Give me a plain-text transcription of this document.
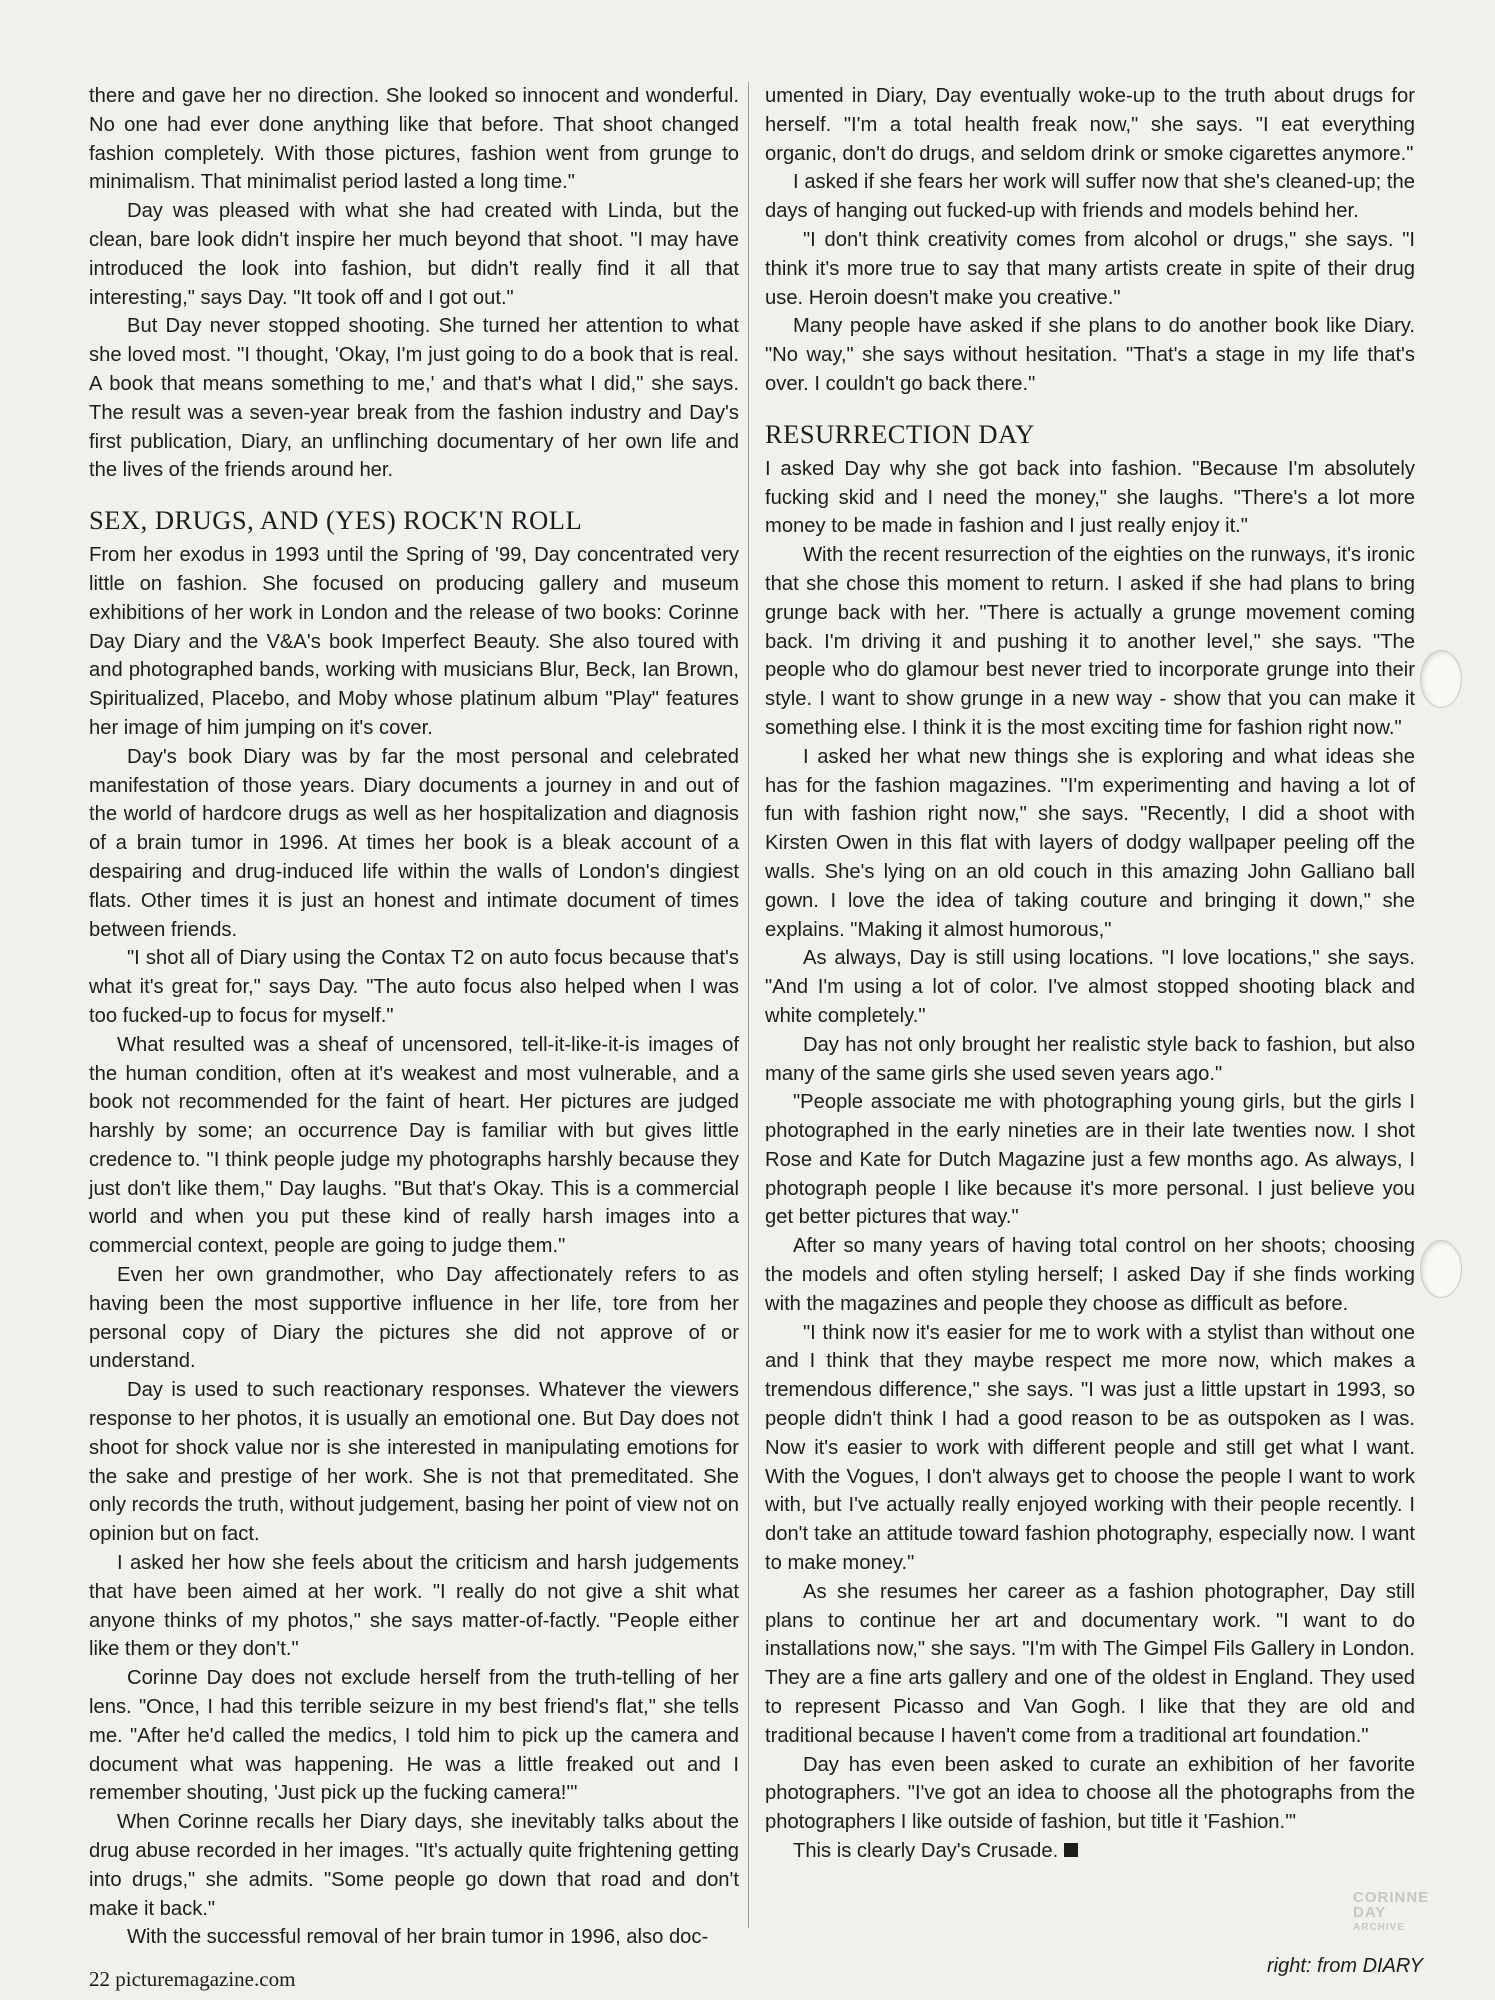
there and gave her no direction. She looked so innocent and wonderful. No one had ever done anything like that before. That shoot changed fashion completely. With those pictures, fashion went from grunge to minimalism. That minimalist period lasted a long time."

Day was pleased with what she had created with Linda, but the clean, bare look didn't inspire her much beyond that shoot. "I may have introduced the look into fashion, but didn't really find it all that interesting," says Day. "It took off and I got out."

But Day never stopped shooting. She turned her attention to what she loved most. "I thought, 'Okay, I'm just going to do a book that is real. A book that means something to me,' and that's what I did," she says. The result was a seven-year break from the fashion industry and Day's first publication, Diary, an unflinching documentary of her own life and the lives of the friends around her.

SEX, DRUGS, AND (YES) ROCK'N ROLL

From her exodus in 1993 until the Spring of '99, Day concentrated very little on fashion. She focused on producing gallery and museum exhibitions of her work in London and the release of two books: Corinne Day Diary and the V&A's book Imperfect Beauty. She also toured with and photographed bands, working with musicians Blur, Beck, Ian Brown, Spiritualized, Placebo, and Moby whose platinum album "Play" features her image of him jumping on it's cover.

Day's book Diary was by far the most personal and celebrated manifestation of those years. Diary documents a journey in and out of the world of hardcore drugs as well as her hospitalization and diagnosis of a brain tumor in 1996. At times her book is a bleak account of a despairing and drug-induced life within the walls of London's dingiest flats. Other times it is just an honest and intimate document of times between friends.

"I shot all of Diary using the Contax T2 on auto focus because that's what it's great for," says Day. "The auto focus also helped when I was too fucked-up to focus for myself."

What resulted was a sheaf of uncensored, tell-it-like-it-is images of the human condition, often at it's weakest and most vulnerable, and a book not recommended for the faint of heart. Her pictures are judged harshly by some; an occurrence Day is familiar with but gives little credence to. "I think people judge my photographs harshly because they just don't like them," Day laughs. "But that's Okay. This is a commercial world and when you put these kind of really harsh images into a commercial context, people are going to judge them."

Even her own grandmother, who Day affectionately refers to as having been the most supportive influence in her life, tore from her personal copy of Diary the pictures she did not approve of or understand.

Day is used to such reactionary responses. Whatever the viewers response to her photos, it is usually an emotional one. But Day does not shoot for shock value nor is she interested in manipulating emotions for the sake and prestige of her work. She is not that premeditated. She only records the truth, without judgement, basing her point of view not on opinion but on fact.

I asked her how she feels about the criticism and harsh judgements that have been aimed at her work. "I really do not give a shit what anyone thinks of my photos," she says matter-of-factly. "People either like them or they don't."

Corinne Day does not exclude herself from the truth-telling of her lens. "Once, I had this terrible seizure in my best friend's flat," she tells me. "After he'd called the medics, I told him to pick up the camera and document what was happening. He was a little freaked out and I remember shouting, 'Just pick up the fucking camera!'"

When Corinne recalls her Diary days, she inevitably talks about the drug abuse recorded in her images. "It's actually quite frightening getting into drugs," she admits. "Some people go down that road and don't make it back."

With the successful removal of her brain tumor in 1996, also doc-

umented in Diary, Day eventually woke-up to the truth about drugs for herself. "I'm a total health freak now," she says. "I eat everything organic, don't do drugs, and seldom drink or smoke cigarettes anymore."

I asked if she fears her work will suffer now that she's cleaned-up; the days of hanging out fucked-up with friends and models behind her.

"I don't think creativity comes from alcohol or drugs," she says. "I think it's more true to say that many artists create in spite of their drug use. Heroin doesn't make you creative."

Many people have asked if she plans to do another book like Diary. "No way," she says without hesitation. "That's a stage in my life that's over. I couldn't go back there."

RESURRECTION DAY

I asked Day why she got back into fashion. "Because I'm absolutely fucking skid and I need the money," she laughs. "There's a lot more money to be made in fashion and I just really enjoy it."

With the recent resurrection of the eighties on the runways, it's ironic that she chose this moment to return. I asked if she had plans to bring grunge back with her. "There is actually a grunge movement coming back. I'm driving it and pushing it to another level," she says. "The people who do glamour best never tried to incorporate grunge into their style. I want to show grunge in a new way - show that you can make it something else. I think it is the most exciting time for fashion right now."

I asked her what new things she is exploring and what ideas she has for the fashion magazines. "I'm experimenting and having a lot of fun with fashion right now," she says. "Recently, I did a shoot with Kirsten Owen in this flat with layers of dodgy wallpaper peeling off the walls. She's lying on an old couch in this amazing John Galliano ball gown. I love the idea of taking couture and bringing it down," she explains. "Making it almost humorous,"

As always, Day is still using locations. "I love locations," she says. "And I'm using a lot of color. I've almost stopped shooting black and white completely."

Day has not only brought her realistic style back to fashion, but also many of the same girls she used seven years ago."

"People associate me with photographing young girls, but the girls I photographed in the early nineties are in their late twenties now. I shot Rose and Kate for Dutch Magazine just a few months ago. As always, I photograph people I like because it's more personal. I just believe you get better pictures that way."

After so many years of having total control on her shoots; choosing the models and often styling herself; I asked Day if she finds working with the magazines and people they choose as difficult as before.

"I think now it's easier for me to work with a stylist than without one and I think that they maybe respect me more now, which makes a tremendous difference," she says. "I was just a little upstart in 1993, so people didn't think I had a good reason to be as outspoken as I was. Now it's easier to work with different people and still get what I want. With the Vogues, I don't always get to choose the people I want to work with, but I've actually really enjoyed working with their people recently. I don't take an attitude toward fashion photography, especially now. I want to make money."

As she resumes her career as a fashion photographer, Day still plans to continue her art and documentary work. "I want to do installations now," she says. "I'm with The Gimpel Fils Gallery in London. They are a fine arts gallery and one of the oldest in England. They used to represent Picasso and Van Gogh. I like that they are old and traditional because I haven't come from a traditional art foundation."

Day has even been asked to curate an exhibition of her favorite photographers. "I've got an idea to choose all the photographs from the photographers I like outside of fashion, but title it 'Fashion.'"

This is clearly Day's Crusade.

22 picturemagazine.com
right: from DIARY
CORINNE
DAY
ARCHIVE
